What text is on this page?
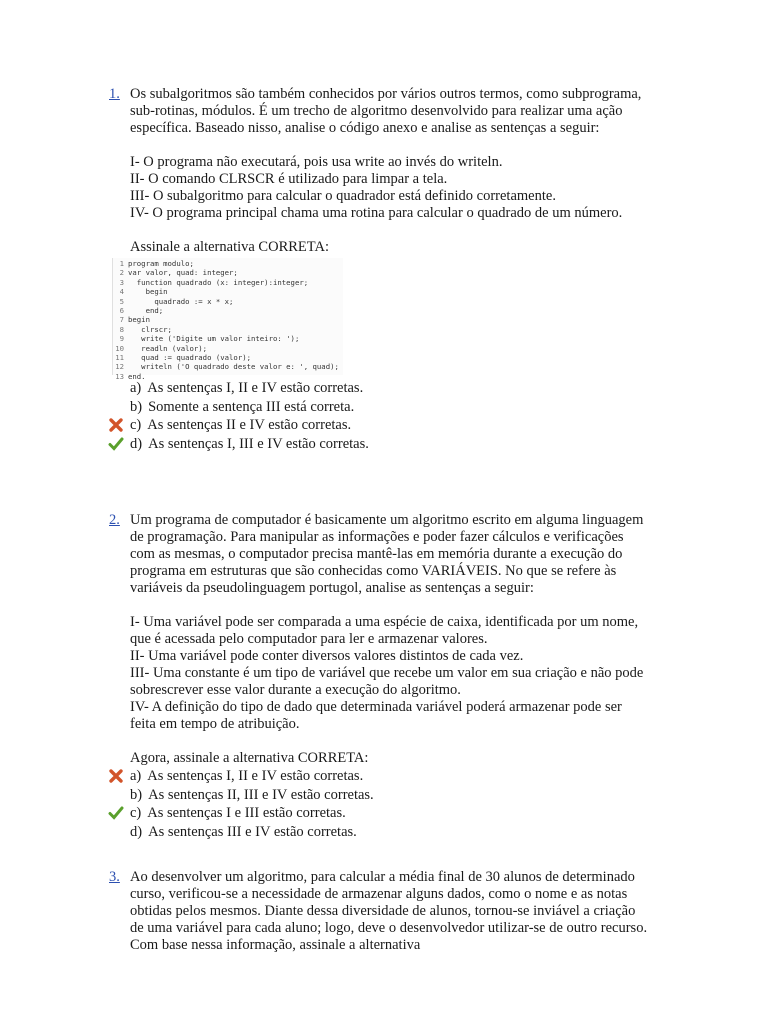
1. Os subalgoritmos são também conhecidos por vários outros termos, como subprograma, sub-rotinas, módulos. É um trecho de algoritmo desenvolvido para realizar uma ação específica. Baseado nisso, analise o código anexo e analise as sentenças a seguir:

I- O programa não executará, pois usa write ao invés do writeln.

II- O comando CLRSCR é utilizado para limpar a tela.

III- O subalgoritmo para calcular o quadrador está definido corretamente.

IV- O programa principal chama uma rotina para calcular o quadrado de um número.

Assinale a alternativa CORRETA:

1 program modulo;
2 var valor, quad: integer;
3  function quadrado (x: integer):integer;
4    begin
5      quadrado := x * x;
6    end;
7 begin
8   clrscr;
9   write ('Digite um valor inteiro: ');
10   readln (valor);
11   quad := quadrado (valor);
12   writeln ('O quadrado deste valor e: ', quad);
13 end.
a) As sentenças I, II e IV estão corretas.
b) Somente a sentença III está correta.
c) As sentenças II e IV estão corretas.
d) As sentenças I, III e IV estão corretas.
2. Um programa de computador é basicamente um algoritmo escrito em alguma linguagem de programação. Para manipular as informações e poder fazer cálculos e verificações com as mesmas, o computador precisa mantê-las em memória durante a execução do programa em estruturas que são conhecidas como VARIÁVEIS. No que se refere às variáveis da pseudolinguagem portugol, analise as sentenças a seguir:

I- Uma variável pode ser comparada a uma espécie de caixa, identificada por um nome, que é acessada pelo computador para ler e armazenar valores.

II- Uma variável pode conter diversos valores distintos de cada vez.

III- Uma constante é um tipo de variável que recebe um valor em sua criação e não pode sobrescrever esse valor durante a execução do algoritmo.

IV- A definição do tipo de dado que determinada variável poderá armazenar pode ser feita em tempo de atribuição.

Agora, assinale a alternativa CORRETA:

a) As sentenças I, II e IV estão corretas.
b) As sentenças II, III e IV estão corretas.
c) As sentenças I e III estão corretas.
d) As sentenças III e IV estão corretas.
3. Ao desenvolver um algoritmo, para calcular a média final de 30 alunos de determinado curso, verificou-se a necessidade de armazenar alguns dados, como o nome e as notas obtidas pelos mesmos. Diante dessa diversidade de alunos, tornou-se inviável a criação de uma variável para cada aluno; logo, deve o desenvolvedor utilizar-se de outro recurso. Com base nessa informação, assinale a alternativa
